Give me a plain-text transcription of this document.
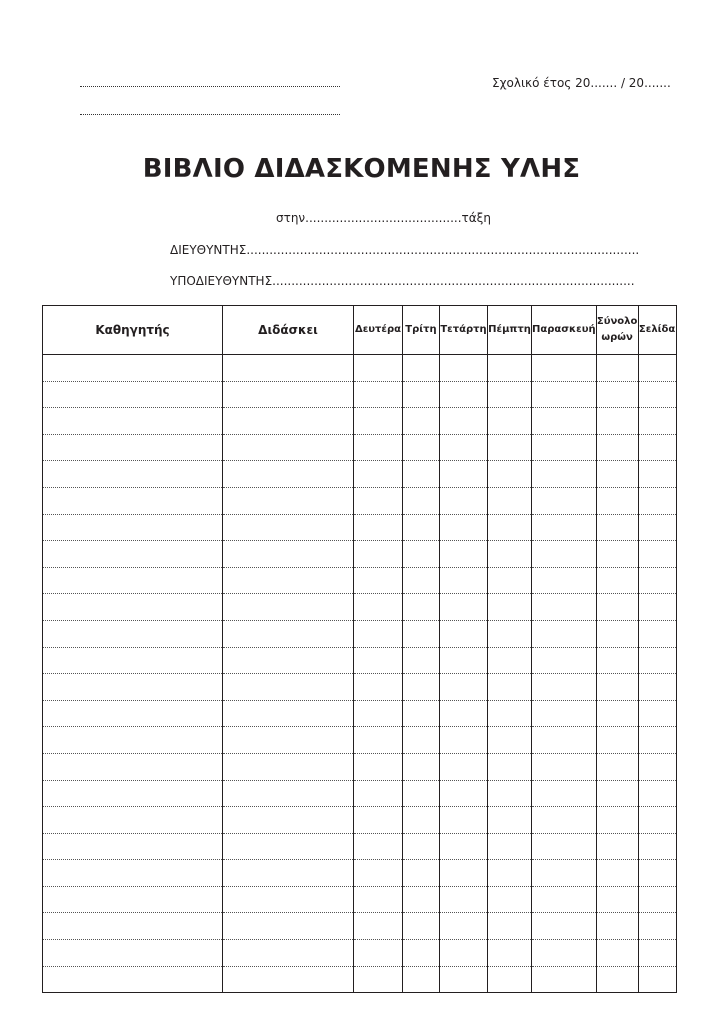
Σχολικό έτος 20....... / 20.......
ΒΙΒΛΙΟ ΔΙΔΑΣΚΟΜΕΝΗΣ ΥΛΗΣ
στην.........................................τάξη
ΔΙΕΥΘΥΝΤΗΣ.......................................................................................................
ΥΠΟΔΙΕΥΘΥΝΤΗΣ...............................................................................................
Καθηγητής	Διδάσκει	Δευτέρα	Τρίτη	Τετάρτη	Πέμπτη	Παρασκευή	Σύνολο ωρών	Σελίδα
